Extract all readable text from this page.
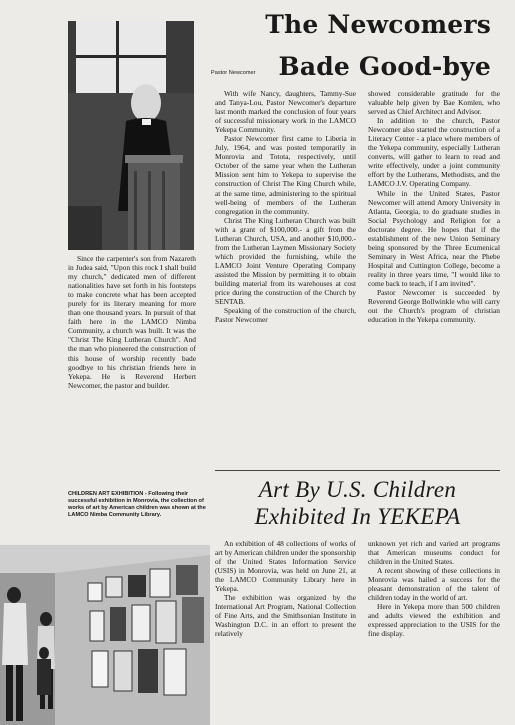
The Newcomers
Bade Good-bye
Pastor Newcomer

Since the carpenter's son from Nazareth in Judea said, "Upon this rock I shall build my church," dedicated men of different nationalities have set forth in his footsteps to make concrete what has been accepted purely for its literary meaning for more than one thousand years. In pursuit of that faith here in the LAMCO Nimba Community, a church was built. It was the "Christ The King Lutheran Church". And the man who pioneered the construction of this house of worship recently bade goodbye to his christian friends here in Yekepa. He is Reverend Herbert Newcomer, the pastor and builder.

With wife Nancy, daughters, Tammy-Sue and Tanya-Lou, Pastor Newcomer's departure last month marked the conclusion of four years of successful missionary work in the LAMCO Yekepa Community.

Pastor Newcomer first came to Liberia in July, 1964, and was posted temporarily in Monrovia and Totota, respectively, until October of the same year when the Lutheran Mission sent him to Yekepa to supervise the construction of Christ The King Church while, at the same time, administering to the spiritual well-being of members of the Lutheran congregation in the community.

Christ The King Lutheran Church was built with a grant of $100,000.- a gift from the Lutheran Church, USA, and another $10,000.- from the Lutheran Laymen Missionary Society which provided the furnishing, while the LAMCO Joint Venture Operating Company assisted the Mission by permitting it to obtain building material from its warehouses at cost price during the construction of the Church by SENTAB.

Speaking of the construction of the church, Pastor Newcomer

showed considerable gratitude for the valuable help given by Bae Komlen, who served as Chief Architect and Advisor.

In addition to the church, Pastor Newcomer also started the construction of a Literacy Center - a place where members of the Yekepa community, especially Lutheran converts, will gather to learn to read and write effectively, under a joint community effort by the Lutherans, Methodists, and the LAMCO J.V. Operating Company.

While in the United States, Pastor Newcomer will attend Amory University in Atlanta, Georgia, to do graduate studies in Social Psychology and Religion for a doctorate degree. He hopes that if the establishment of the new Union Seminary being sponsored by the Three Ecumenical Seminary in West Africa, near the Phebe Hospital and Cuttington College, become a reality in three years time, "I would like to come back to teach, if I am invited".

Pastor Newcomer is succeeded by Reverend George Bollwinkle who will carry out the Church's program of christian education in the Yekepa community.

CHILDREN ART EXHIBITION - Following their successful exhibition in Monrovia, the collection of works of art by American children was shown at the LAMCO Nimba Community Library.
Art By U.S. Children
Exhibited In YEKEPA

An exhibition of 48 collections of works of art by American children under the sponsorship of the United States Information Service (USIS) in Monrovia, was held on June 21, at the LAMCO Community Library here in Yekepa.

The exhibition was organized by the International Art Program, National Collection of Fine Arts, and the Smithsonian Institute in Washington D.C. in an effort to present the relatively

unknown yet rich and varied art programs that American museums conduct for children in the United States.

A recent showing of these collections in Monrovia was hailed a success for the pleasant demonstration of the talent of children today in the world of art.

Here in Yekepa more than 500 children and adults viewed the exhibition and expressed appreciation to the USIS for the fine display.
